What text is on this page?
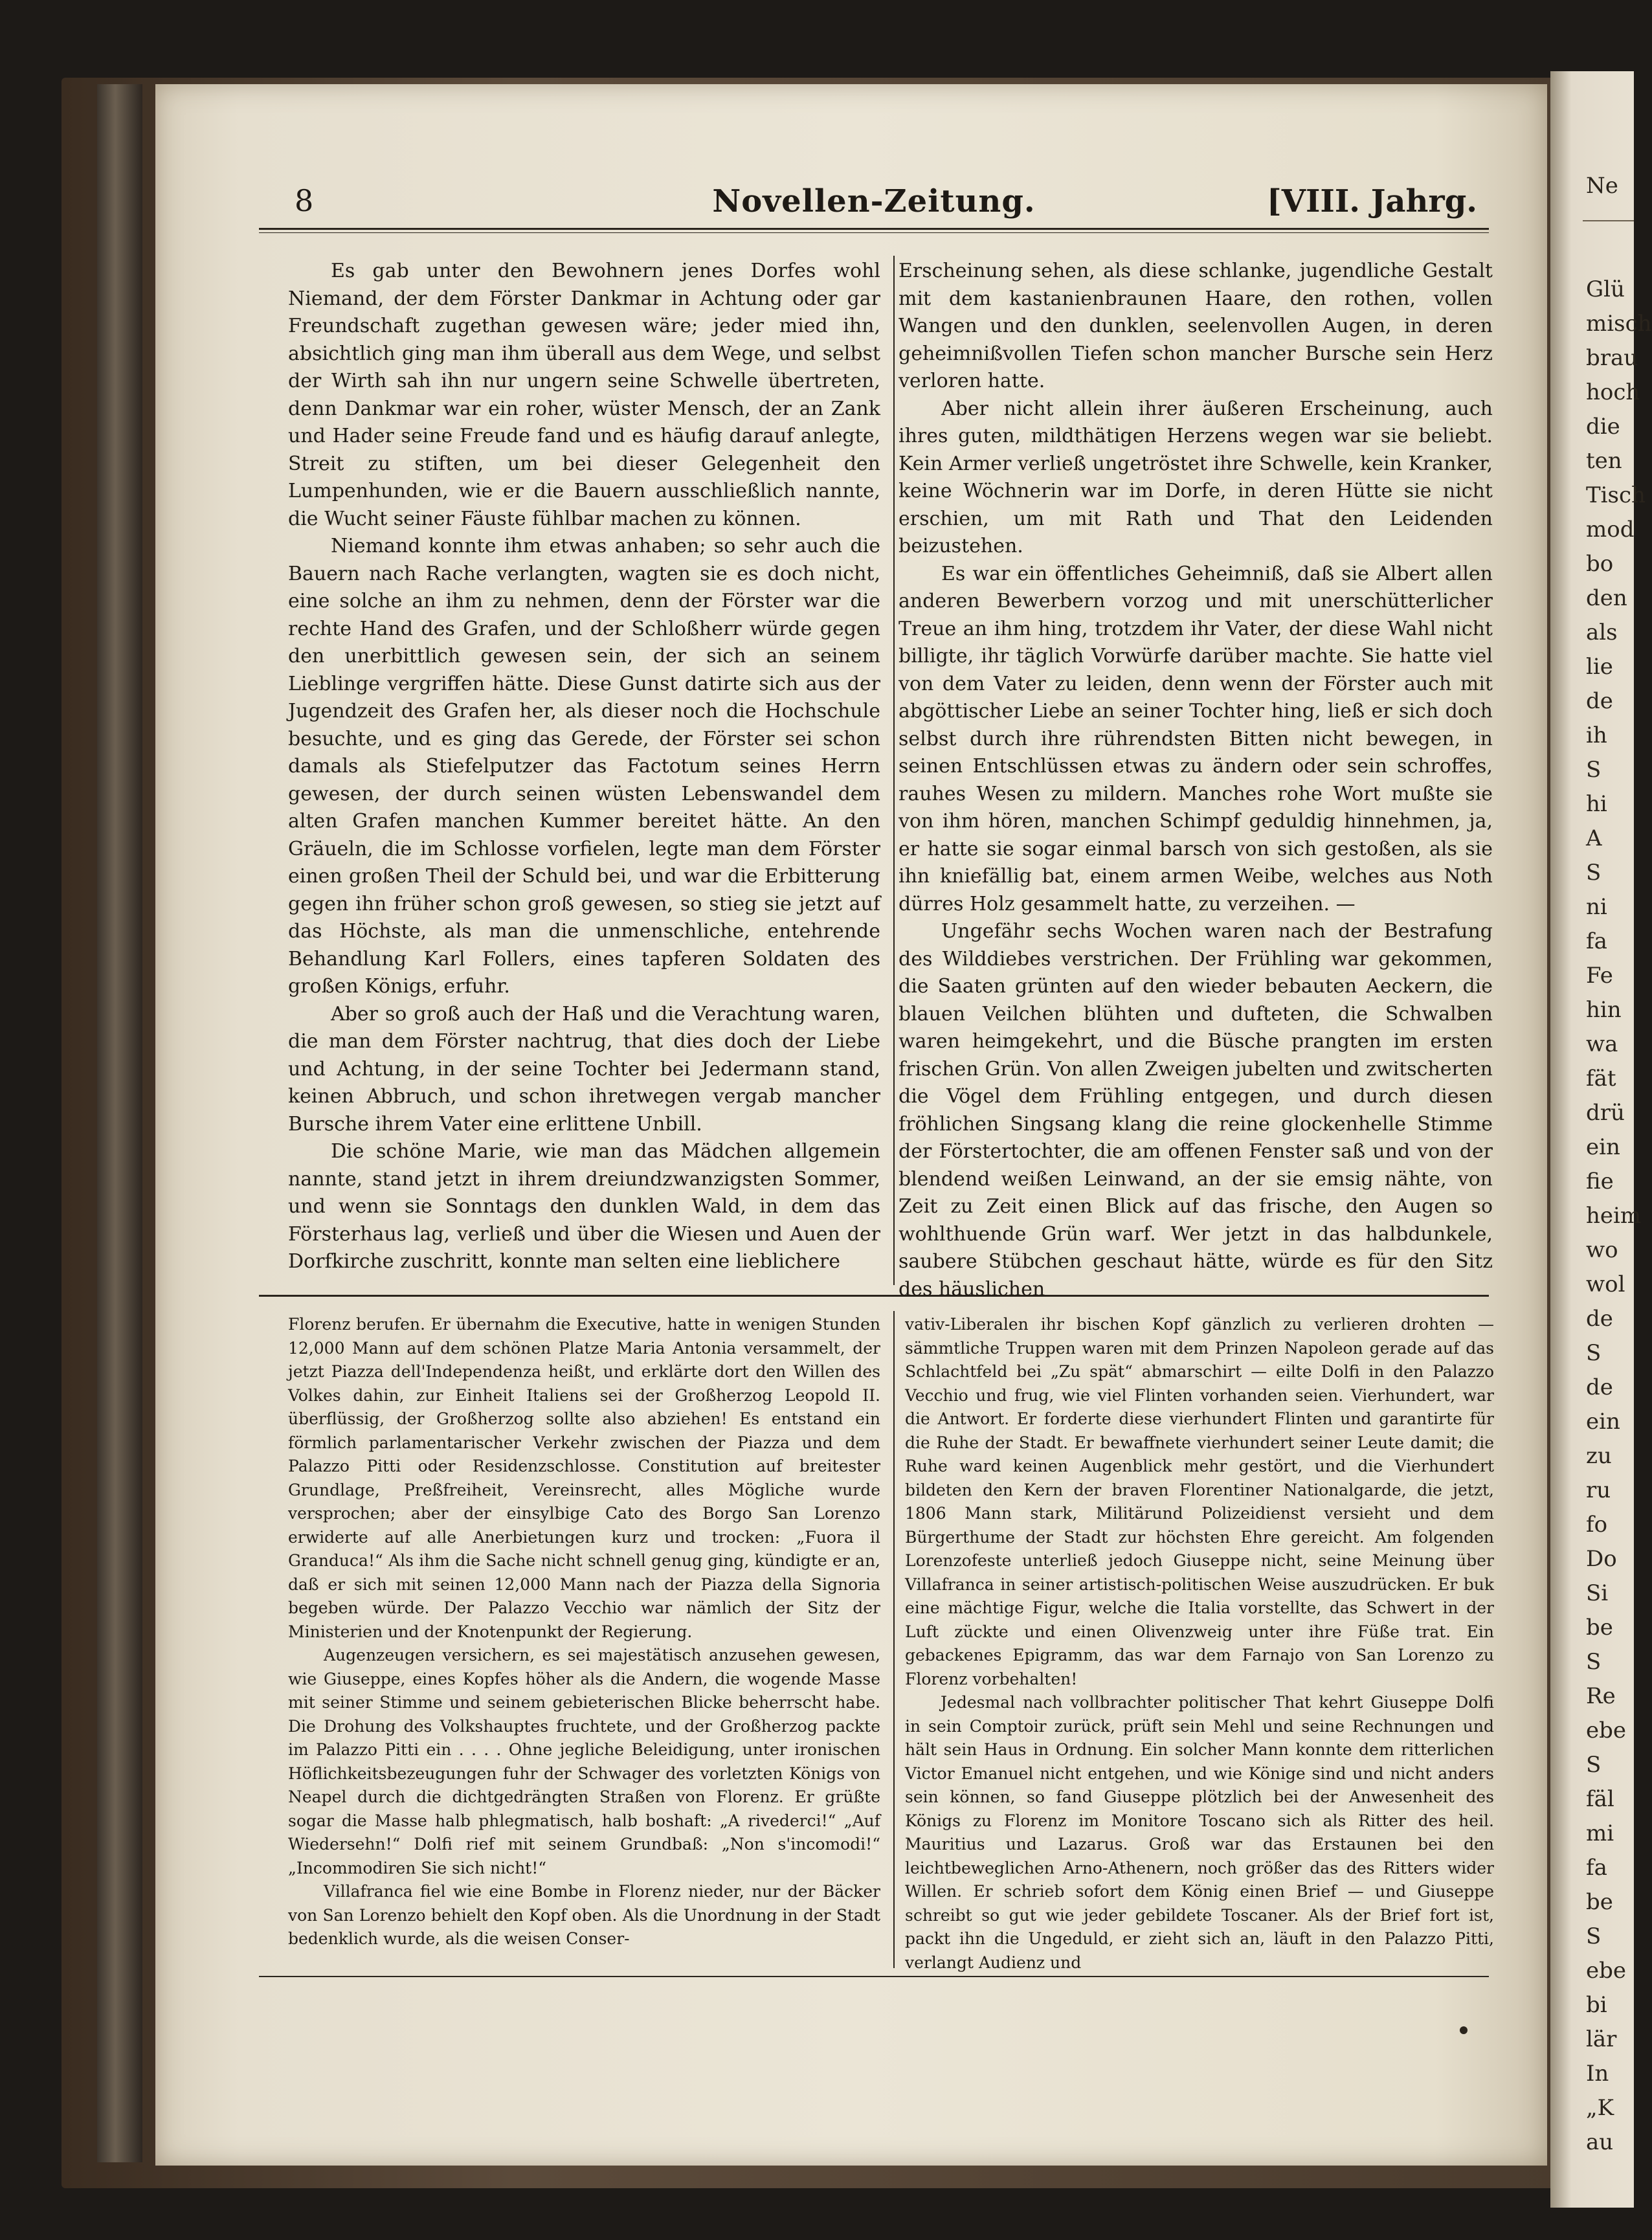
Ne
Glü
misch
brau
hoch
die
ten
Tisch
mod
bo
den
als
lie
de
ih
S
hi
A
S
ni
fa
Fe
hin
wa
fät
drü
ein
fie
heim
wo
wol
de
S
de
ein
zu
ru
fo
Do
Si
be
S
Re
ebe
S
fäl
mi
fa
be
S
ebe
bi
lär
In
„K
au
8	Novellen-Zeitung.	[VIII. Jahrg.

Es gab unter den Bewohnern jenes Dorfes wohl Niemand, der dem Förster Dankmar in Achtung oder gar Freundschaft zugethan gewesen wäre; jeder mied ihn, absichtlich ging man ihm überall aus dem Wege, und selbst der Wirth sah ihn nur ungern seine Schwelle übertreten, denn Dankmar war ein roher, wüster Mensch, der an Zank und Hader seine Freude fand und es häufig darauf anlegte, Streit zu stiften, um bei dieser Gelegenheit den Lumpenhunden, wie er die Bauern ausschließlich nannte, die Wucht seiner Fäuste fühlbar machen zu können.

Niemand konnte ihm etwas anhaben; so sehr auch die Bauern nach Rache verlangten, wagten sie es doch nicht, eine solche an ihm zu nehmen, denn der Förster war die rechte Hand des Grafen, und der Schloßherr würde gegen den unerbittlich gewesen sein, der sich an seinem Lieblinge vergriffen hätte. Diese Gunst datirte sich aus der Jugendzeit des Grafen her, als dieser noch die Hochschule besuchte, und es ging das Gerede, der Förster sei schon damals als Stiefelputzer das Factotum seines Herrn gewesen, der durch seinen wüsten Lebenswandel dem alten Grafen manchen Kummer bereitet hätte. An den Gräueln, die im Schlosse vorfielen, legte man dem Förster einen großen Theil der Schuld bei, und war die Erbitterung gegen ihn früher schon groß gewesen, so stieg sie jetzt auf das Höchste, als man die unmenschliche, entehrende Behandlung Karl Follers, eines tapferen Soldaten des großen Königs, erfuhr.

Aber so groß auch der Haß und die Verachtung waren, die man dem Förster nachtrug, that dies doch der Liebe und Achtung, in der seine Tochter bei Jedermann stand, keinen Abbruch, und schon ihretwegen vergab mancher Bursche ihrem Vater eine erlittene Unbill.

Die schöne Marie, wie man das Mädchen allgemein nannte, stand jetzt in ihrem dreiundzwanzigsten Sommer, und wenn sie Sonntags den dunklen Wald, in dem das Försterhaus lag, verließ und über die Wiesen und Auen der Dorfkirche zuschritt, konnte man selten eine lieblichere

Erscheinung sehen, als diese schlanke, jugendliche Gestalt mit dem kastanienbraunen Haare, den rothen, vollen Wangen und den dunklen, seelenvollen Augen, in deren geheimnißvollen Tiefen schon mancher Bursche sein Herz verloren hatte.

Aber nicht allein ihrer äußeren Erscheinung, auch ihres guten, mildthätigen Herzens wegen war sie beliebt. Kein Armer verließ ungetröstet ihre Schwelle, kein Kranker, keine Wöchnerin war im Dorfe, in deren Hütte sie nicht erschien, um mit Rath und That den Leidenden beizustehen.

Es war ein öffentliches Geheimniß, daß sie Albert allen anderen Bewerbern vorzog und mit unerschütterlicher Treue an ihm hing, trotzdem ihr Vater, der diese Wahl nicht billigte, ihr täglich Vorwürfe darüber machte. Sie hatte viel von dem Vater zu leiden, denn wenn der Förster auch mit abgöttischer Liebe an seiner Tochter hing, ließ er sich doch selbst durch ihre rührendsten Bitten nicht bewegen, in seinen Entschlüssen etwas zu ändern oder sein schroffes, rauhes Wesen zu mildern. Manches rohe Wort mußte sie von ihm hören, manchen Schimpf geduldig hinnehmen, ja, er hatte sie sogar einmal barsch von sich gestoßen, als sie ihn kniefällig bat, einem armen Weibe, welches aus Noth dürres Holz gesammelt hatte, zu verzeihen. —

Ungefähr sechs Wochen waren nach der Bestrafung des Wilddiebes verstrichen. Der Frühling war gekommen, die Saaten grünten auf den wieder bebauten Aeckern, die blauen Veilchen blühten und dufteten, die Schwalben waren heimgekehrt, und die Büsche prangten im ersten frischen Grün. Von allen Zweigen jubelten und zwitscherten die Vögel dem Frühling entgegen, und durch diesen fröhlichen Singsang klang die reine glockenhelle Stimme der Förstertochter, die am offenen Fenster saß und von der blendend weißen Leinwand, an der sie emsig nähte, von Zeit zu Zeit einen Blick auf das frische, den Augen so wohlthuende Grün warf. Wer jetzt in das halbdunkele, saubere Stübchen geschaut hätte, würde es für den Sitz des häuslichen

Florenz berufen. Er übernahm die Executive, hatte in wenigen Stunden 12,000 Mann auf dem schönen Platze Maria Antonia versammelt, der jetzt Piazza dell'Independenza heißt, und erklärte dort den Willen des Volkes dahin, zur Einheit Italiens sei der Großherzog Leopold II. überflüssig, der Großherzog sollte also abziehen! Es entstand ein förmlich parlamentarischer Verkehr zwischen der Piazza und dem Palazzo Pitti oder Residenzschlosse. Constitution auf breitester Grundlage, Preßfreiheit, Vereinsrecht, alles Mögliche wurde versprochen; aber der einsylbige Cato des Borgo San Lorenzo erwiderte auf alle Anerbietungen kurz und trocken: „Fuora il Granduca!“ Als ihm die Sache nicht schnell genug ging, kündigte er an, daß er sich mit seinen 12,000 Mann nach der Piazza della Signoria begeben würde. Der Palazzo Vecchio war nämlich der Sitz der Ministerien und der Knotenpunkt der Regierung.

Augenzeugen versichern, es sei majestätisch anzusehen gewesen, wie Giuseppe, eines Kopfes höher als die Andern, die wogende Masse mit seiner Stimme und seinem gebieterischen Blicke beherrscht habe. Die Drohung des Volkshauptes fruchtete, und der Großherzog packte im Palazzo Pitti ein . . . . Ohne jegliche Beleidigung, unter ironischen Höflichkeitsbezeugungen fuhr der Schwager des vorletzten Königs von Neapel durch die dichtgedrängten Straßen von Florenz. Er grüßte sogar die Masse halb phlegmatisch, halb boshaft: „A rivederci!“ „Auf Wiedersehn!“ Dolfi rief mit seinem Grundbaß: „Non s'incomodi!“ „Incommodiren Sie sich nicht!“

Villafranca fiel wie eine Bombe in Florenz nieder, nur der Bäcker von San Lorenzo behielt den Kopf oben. Als die Unordnung in der Stadt bedenklich wurde, als die weisen Conser-

vativ-Liberalen ihr bischen Kopf gänzlich zu verlieren drohten — sämmtliche Truppen waren mit dem Prinzen Napoleon gerade auf das Schlachtfeld bei „Zu spät“ abmarschirt — eilte Dolfi in den Palazzo Vecchio und frug, wie viel Flinten vorhanden seien. Vierhundert, war die Antwort. Er forderte diese vierhundert Flinten und garantirte für die Ruhe der Stadt. Er bewaffnete vierhundert seiner Leute damit; die Ruhe ward keinen Augenblick mehr gestört, und die Vierhundert bildeten den Kern der braven Florentiner Nationalgarde, die jetzt, 1806 Mann stark, Militärund Polizeidienst versieht und dem Bürgerthume der Stadt zur höchsten Ehre gereicht. Am folgenden Lorenzofeste unterließ jedoch Giuseppe nicht, seine Meinung über Villafranca in seiner artistisch-politischen Weise auszudrücken. Er buk eine mächtige Figur, welche die Italia vorstellte, das Schwert in der Luft zückte und einen Olivenzweig unter ihre Füße trat. Ein gebackenes Epigramm, das war dem Farnajo von San Lorenzo zu Florenz vorbehalten!

Jedesmal nach vollbrachter politischer That kehrt Giuseppe Dolfi in sein Comptoir zurück, prüft sein Mehl und seine Rechnungen und hält sein Haus in Ordnung. Ein solcher Mann konnte dem ritterlichen Victor Emanuel nicht entgehen, und wie Könige sind und nicht anders sein können, so fand Giuseppe plötzlich bei der Anwesenheit des Königs zu Florenz im Monitore Toscano sich als Ritter des heil. Mauritius und Lazarus. Groß war das Erstaunen bei den leichtbeweglichen Arno-Athenern, noch größer das des Ritters wider Willen. Er schrieb sofort dem König einen Brief — und Giuseppe schreibt so gut wie jeder gebildete Toscaner. Als der Brief fort ist, packt ihn die Ungeduld, er zieht sich an, läuft in den Palazzo Pitti, verlangt Audienz und
